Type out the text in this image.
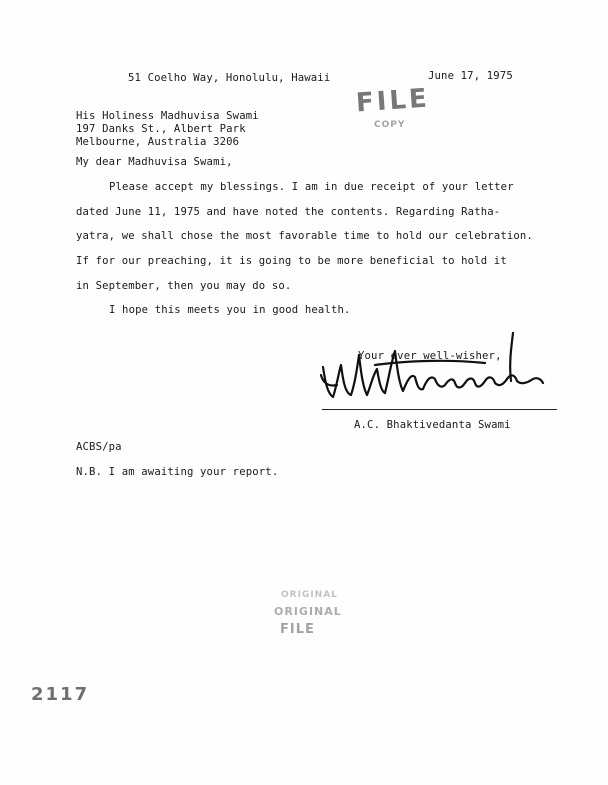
51 Coelho Way, Honolulu, Hawaii	June 17, 1975
FILE
COPY
His Holiness Madhuvisa Swami
197 Danks St., Albert Park
Melbourne, Australia 3206
My dear Madhuvisa Swami,
Please accept my blessings. I am in due receipt of your letter
dated June 11, 1975 and have noted the contents. Regarding Ratha-
yatra, we shall chose the most favorable time to hold our celebration.
If for our preaching, it is going to be more beneficial to hold it
in September, then you may do so.
I hope this meets you in good health.
Your ever well-wisher,
A.C. Bhaktivedanta Swami
ACBS/pa
N.B. I am awaiting your report.
ORIGINAL
ORIGINAL
FILE
2117
